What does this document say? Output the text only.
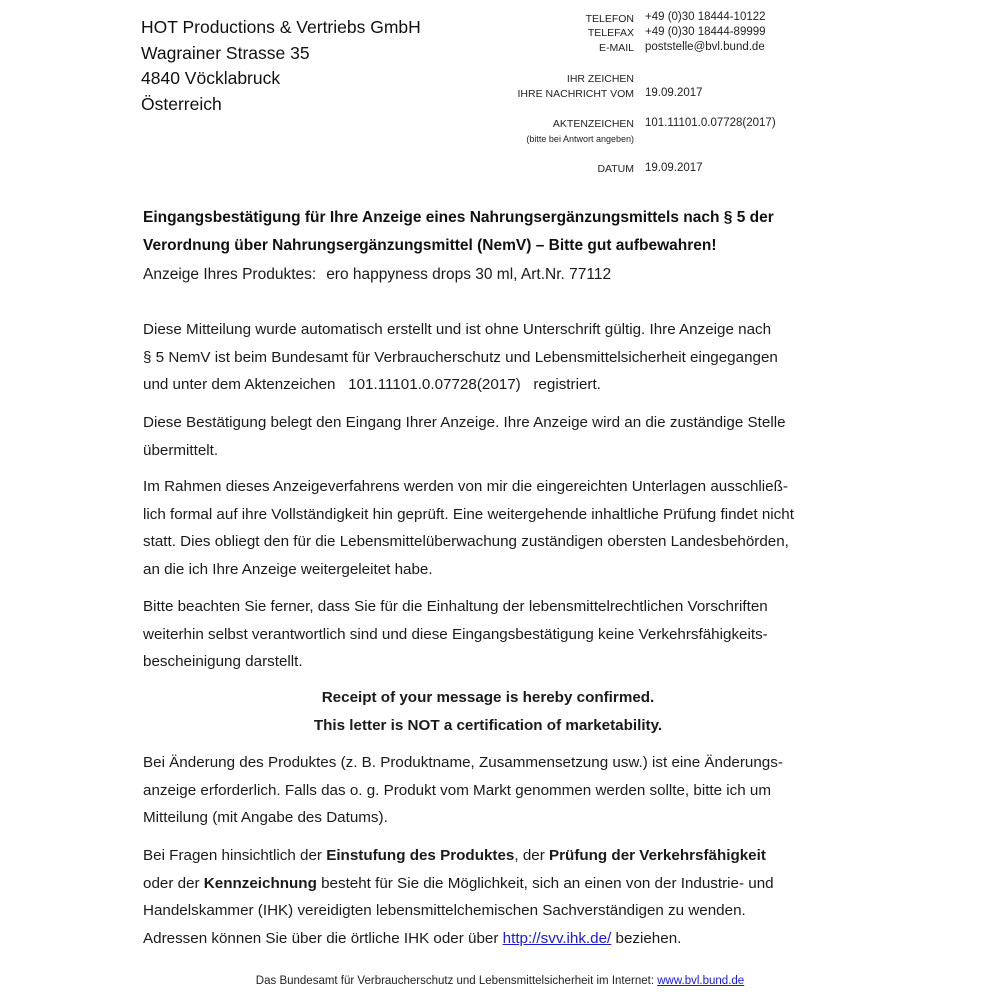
HOT Productions & Vertriebs GmbH
Wagrainer Strasse 35
4840 Vöcklabruck
Österreich
TELEFON
TELEFAX
E-MAIL
IHR ZEICHEN
IHRE NACHRICHT VOM
AKTENZEICHEN
(bitte bei Antwort angeben)
DATUM
+49 (0)30 18444-10122
+49 (0)30 18444-89999
poststelle@bvl.bund.de
19.09.2017
101.11101.0.07728(2017)
19.09.2017
Eingangsbestätigung für Ihre Anzeige eines Nahrungsergänzungsmittels nach § 5 der
Verordnung über Nahrungsergänzungsmittel (NemV) – Bitte gut aufbewahren!
Anzeige Ihres Produktes: ero happyness drops 30 ml, Art.Nr. 77112
Diese Mitteilung wurde automatisch erstellt und ist ohne Unterschrift gültig. Ihre Anzeige nach
§ 5 NemV ist beim Bundesamt für Verbraucherschutz und Lebensmittelsicherheit eingegangen
und unter dem Aktenzeichen   101.11101.0.07728(2017)   registriert.
Diese Bestätigung belegt den Eingang Ihrer Anzeige. Ihre Anzeige wird an die zuständige Stelle
übermittelt.
Im Rahmen dieses Anzeigeverfahrens werden von mir die eingereichten Unterlagen ausschließ-
lich formal auf ihre Vollständigkeit hin geprüft. Eine weitergehende inhaltliche Prüfung findet nicht
statt. Dies obliegt den für die Lebensmittelüberwachung zuständigen obersten Landesbehörden,
an die ich Ihre Anzeige weitergeleitet habe.
Bitte beachten Sie ferner, dass Sie für die Einhaltung der lebensmittelrechtlichen Vorschriften
weiterhin selbst verantwortlich sind und diese Eingangsbestätigung keine Verkehrsfähigkeits-
bescheinigung darstellt.
Receipt of your message is hereby confirmed.
This letter is NOT a certification of marketability.
Bei Änderung des Produktes (z. B. Produktname, Zusammensetzung usw.) ist eine Änderungs-
anzeige erforderlich. Falls das o. g. Produkt vom Markt genommen werden sollte, bitte ich um
Mitteilung (mit Angabe des Datums).
Bei Fragen hinsichtlich der Einstufung des Produktes, der Prüfung der Verkehrsfähigkeit
oder der Kennzeichnung besteht für Sie die Möglichkeit, sich an einen von der Industrie- und
Handelskammer (IHK) vereidigten lebensmittelchemischen Sachverständigen zu wenden.
Adressen können Sie über die örtliche IHK oder über http://svv.ihk.de/ beziehen.
Das Bundesamt für Verbraucherschutz und Lebensmittelsicherheit im Internet: www.bvl.bund.de
